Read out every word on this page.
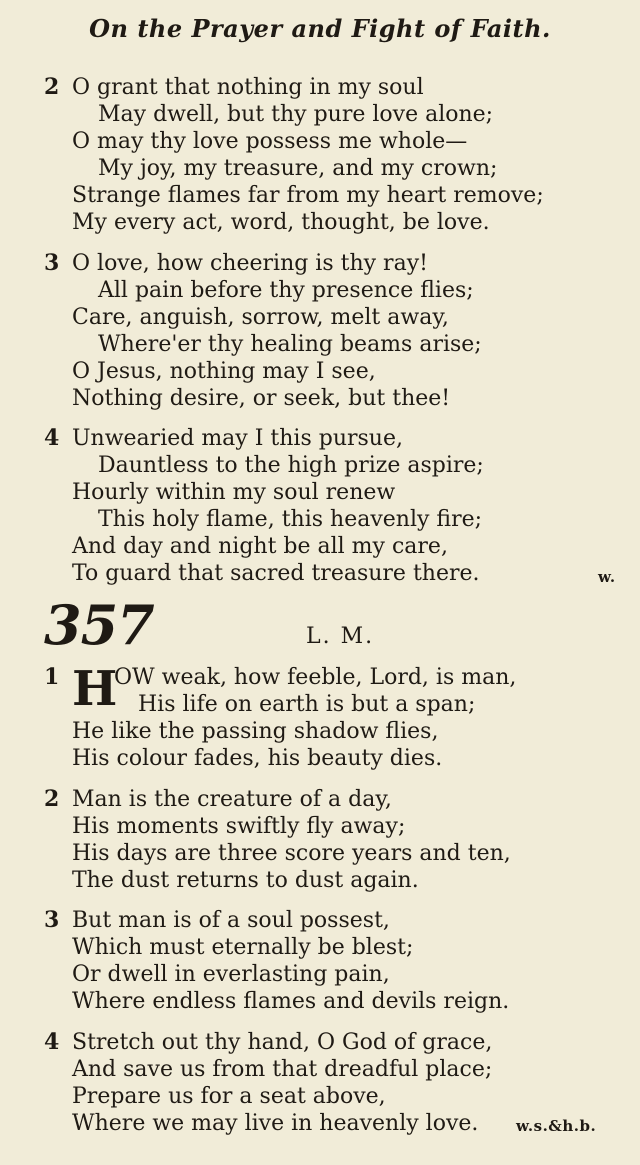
On the Prayer and Fight of Faith.
2 O grant that nothing in my soul
May dwell, but thy pure love alone;
O may thy love possess me whole—
My joy, my treasure, and my crown;
Strange flames far from my heart remove;
My every act, word, thought, be love.
3 O love, how cheering is thy ray!
All pain before thy presence flies;
Care, anguish, sorrow, melt away,
Where'er thy healing beams arise;
O Jesus, nothing may I see,
Nothing desire, or seek, but thee!
4 Unwearied may I this pursue,
Dauntless to the high prize aspire;
Hourly within my soul renew
This holy flame, this heavenly fire;
And day and night be all my care,
To guard that sacred treasure there.	w.
357	L. M.
1 H
OW weak, how feeble, Lord, is man,
His life on earth is but a span;
He like the passing shadow flies,
His colour fades, his beauty dies.
2 Man is the creature of a day,
His moments swiftly fly away;
His days are three score years and ten,
The dust returns to dust again.
3 But man is of a soul possest,
Which must eternally be blest;
Or dwell in everlasting pain,
Where endless flames and devils reign.
4 Stretch out thy hand, O God of grace,
And save us from that dreadful place;
Prepare us for a seat above,
Where we may live in heavenly love.	w.s.&h.b.
